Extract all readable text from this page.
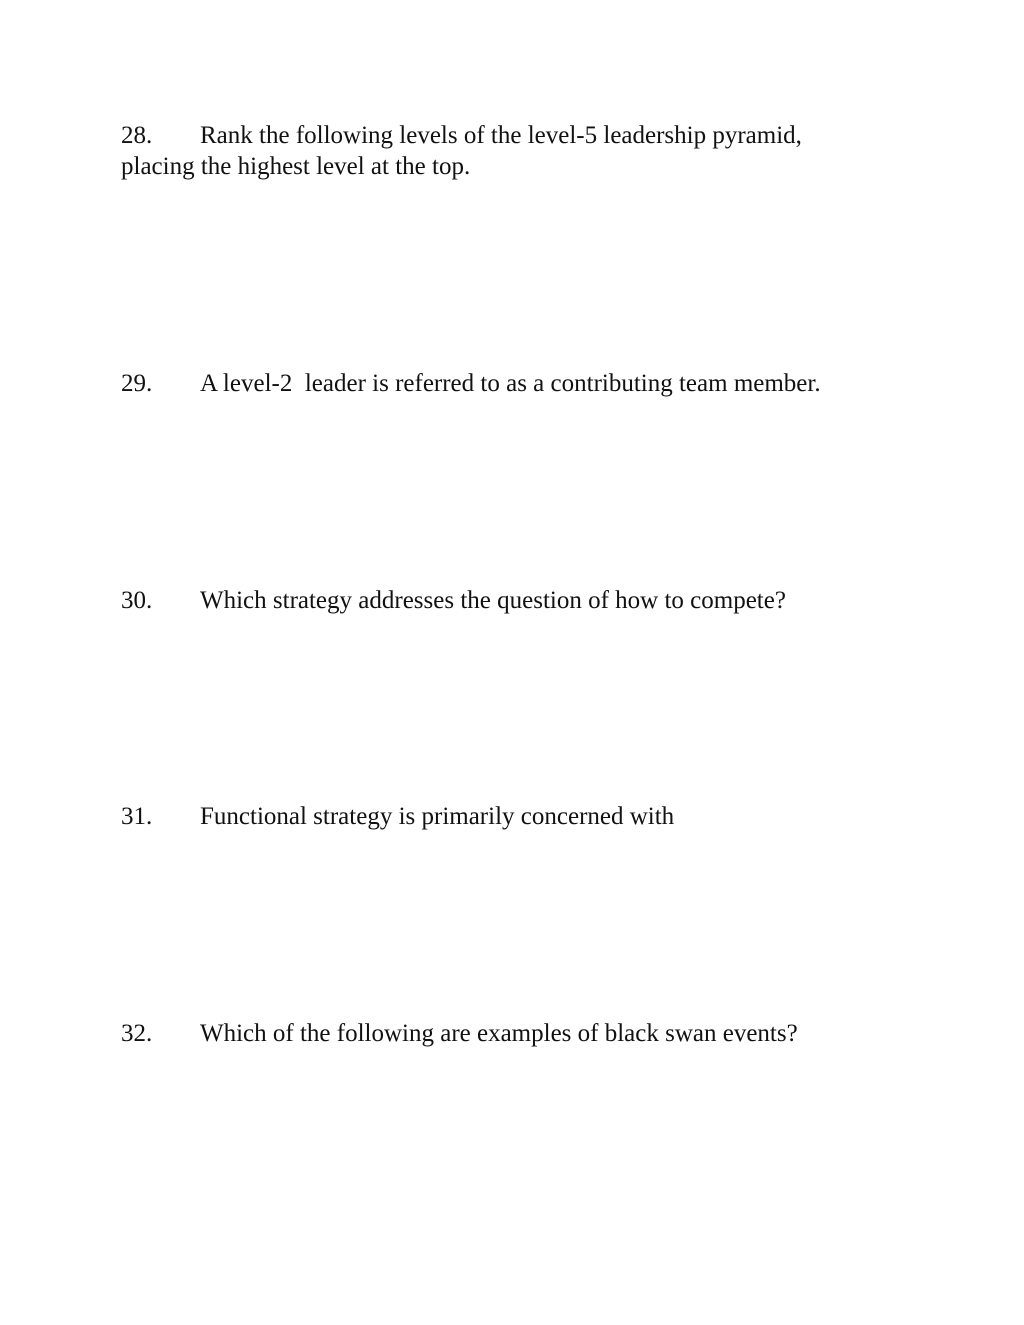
28. Rank the following levels of the level-5 leadership pyramid,
placing the highest level at the top.
29. A level-2  leader is referred to as a contributing team member.
30. Which strategy addresses the question of how to compete?
31. Functional strategy is primarily concerned with
32. Which of the following are examples of black swan events?
